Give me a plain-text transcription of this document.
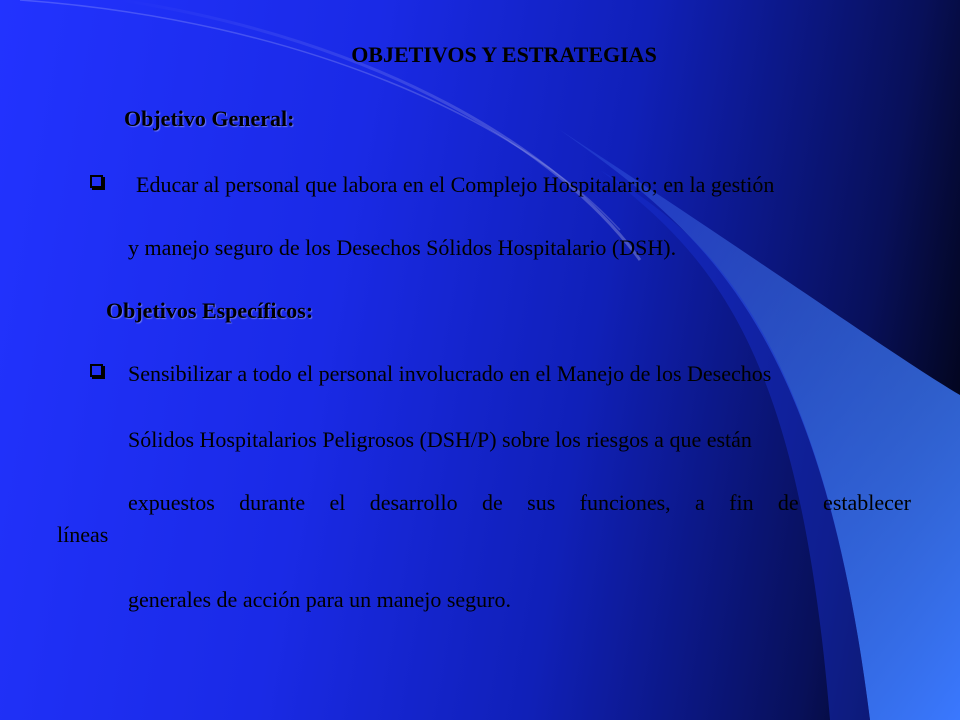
OBJETIVOS Y ESTRATEGIAS
Objetivo General:
Educar al personal que labora en el Complejo Hospitalario; en la gestión
y manejo seguro de los Desechos Sólidos Hospitalario (DSH).
Objetivos Específicos:
Sensibilizar a todo el personal involucrado en el Manejo de los Desechos
Sólidos Hospitalarios Peligrosos (DSH/P) sobre los riesgos a que están
expuestos durante el desarrollo de sus funciones, a fin de establecer
líneas
generales de acción para un manejo seguro.
